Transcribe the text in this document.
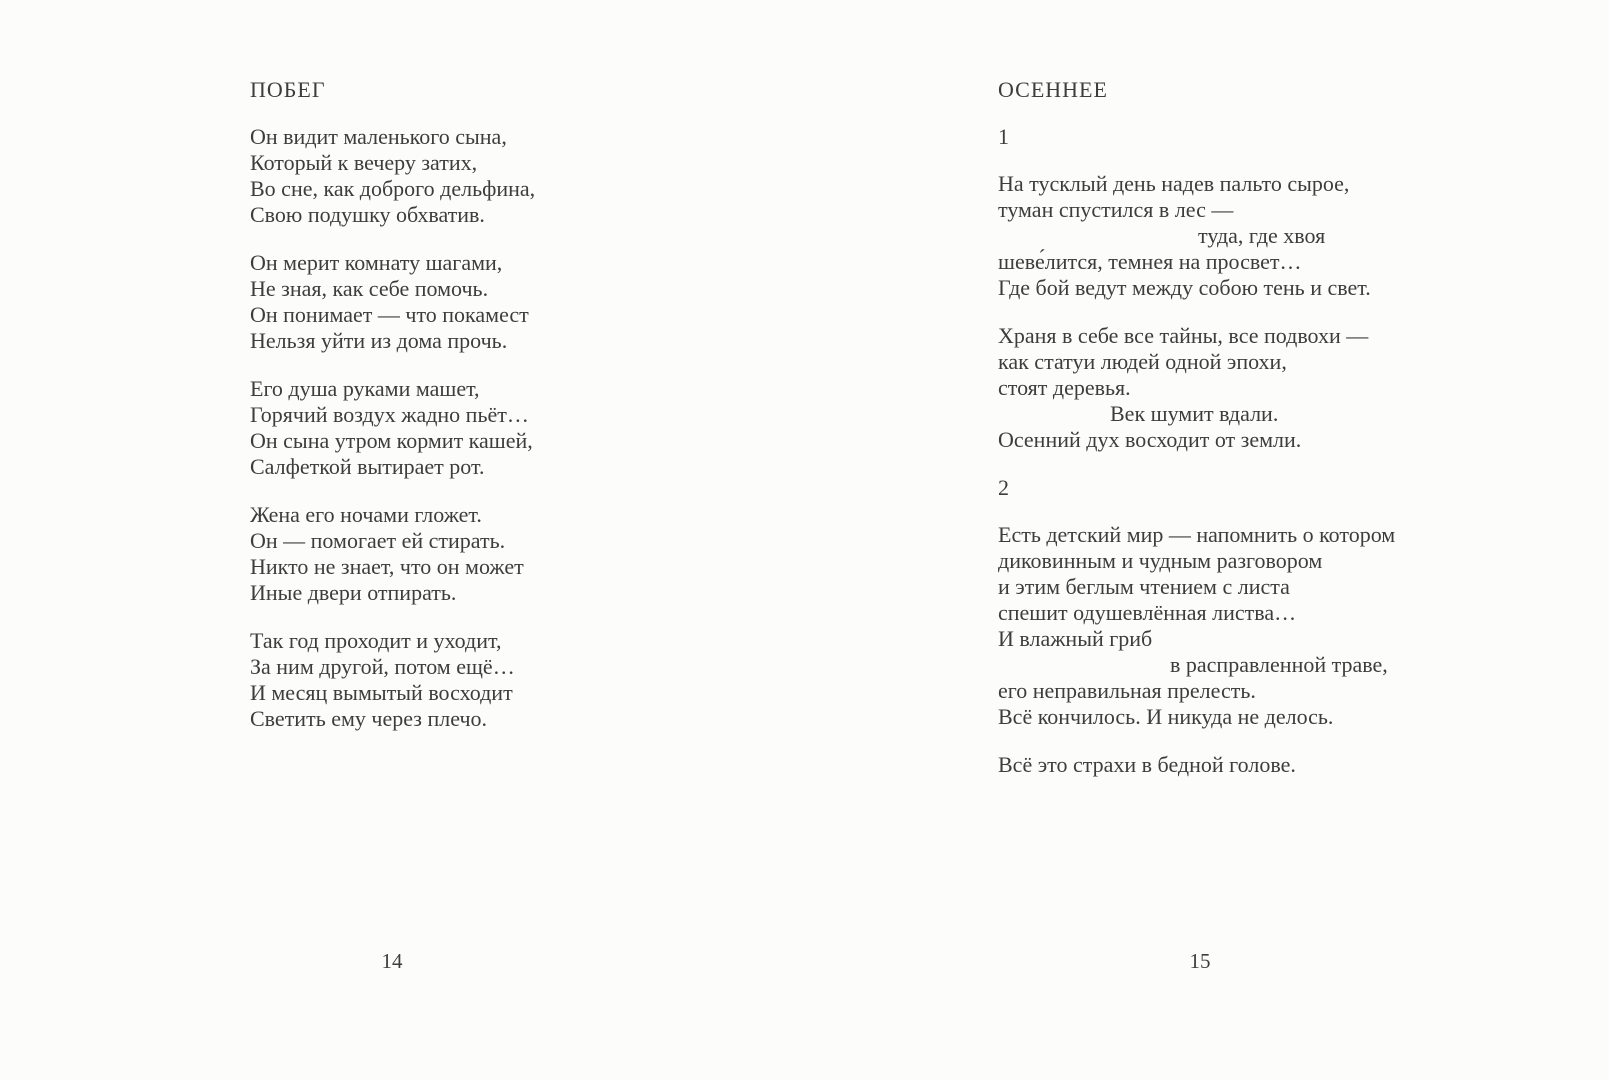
ПОБЕГ
Он видит маленького сына,
Который к вечеру затих,
Во сне, как доброго дельфина,
Свою подушку обхватив.
Он мерит комнату шагами,
Не зная, как себе помочь.
Он понимает — что покамест
Нельзя уйти из дома прочь.
Его душа руками машет,
Горячий воздух жадно пьёт…
Он сына утром кормит кашей,
Салфеткой вытирает рот.
Жена его ночами гложет.
Он — помогает ей стирать.
Никто не знает, что он может
Иные двери отпирать.
Так год проходит и уходит,
За ним другой, потом ещё…
И месяц вымытый восходит
Светить ему через плечо.
ОСЕННЕЕ
1
На тусклый день надев пальто сырое,
туман спустился в лес —
туда, где хвоя
шеве́лится, темнея на просвет…
Где бой ведут между собою тень и свет.
Храня в себе все тайны, все подвохи —
как статуи людей одной эпохи,
стоят деревья.
Век шумит вдали.
Осенний дух восходит от земли.
2
Есть детский мир — напомнить о котором
диковинным и чудным разговором
и этим беглым чтением с листа
спешит одушевлённая листва…
И влажный гриб
в расправленной траве,
его неправильная прелесть.
Всё кончилось. И никуда не делось.
Всё это страхи в бедной голове.
14	15
